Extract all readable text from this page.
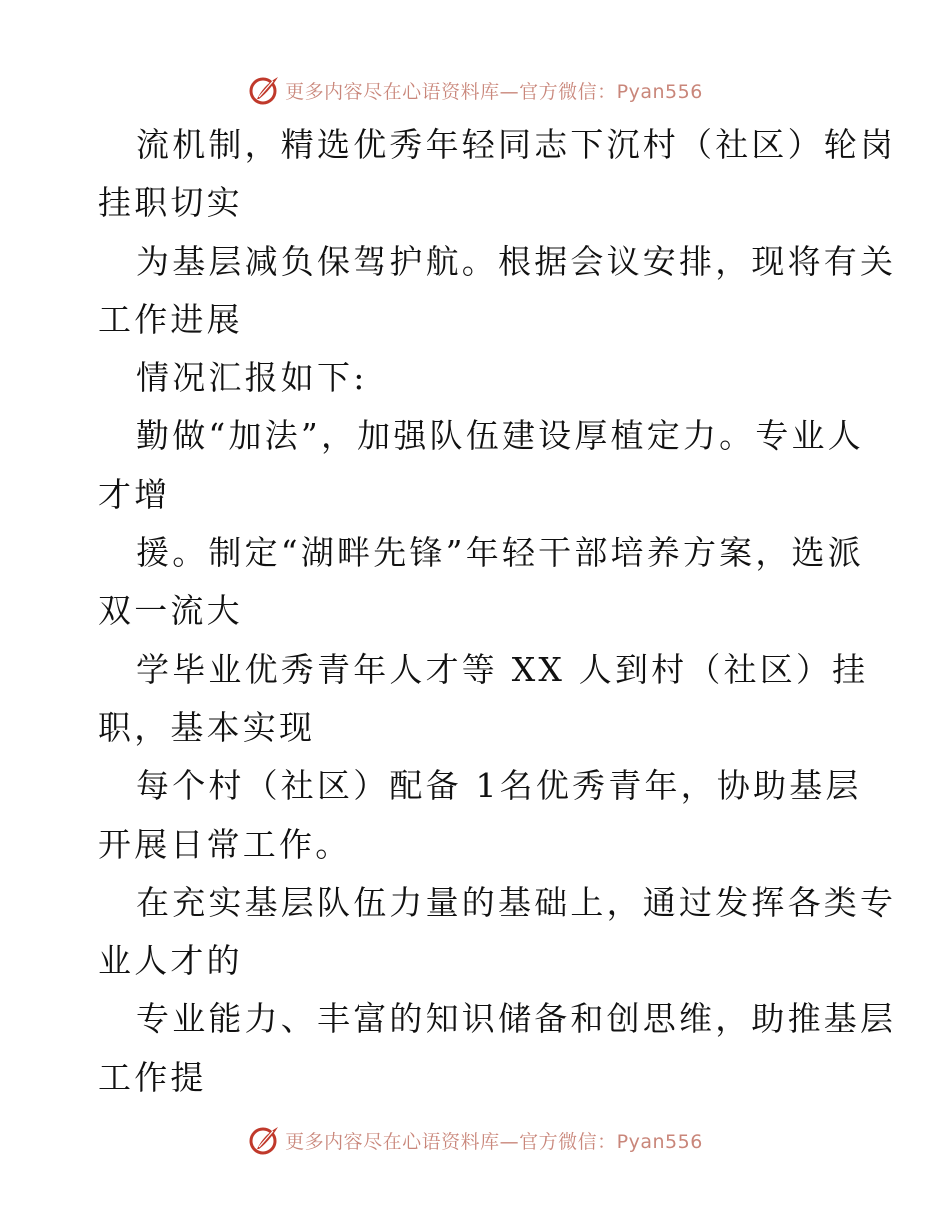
更多内容尽在心语资料库— 官方微信：Pyan556
流机制，精选优秀年轻同志下沉村（社区）轮岗
挂职切实
为基层减负保驾护航。根据会议安排，现将有关
工作进展
情况汇报如下:
勤做“加法”，加强队伍建设厚植定力。专业人
才增
援。制定“湖畔先锋”年轻干部培养方案，选派
双一流大
学毕业优秀青年人才等 XX 人到村（社区）挂
职，基本实现
每个村（社区）配备 1名优秀青年，协助基层
开展日常工作。
在充实基层队伍力量的基础上，通过发挥各类专
业人才的
专业能力、丰富的知识储备和创思维，助推基层
工作提
更多内容尽在心语资料库— 官方微信：Pyan556
